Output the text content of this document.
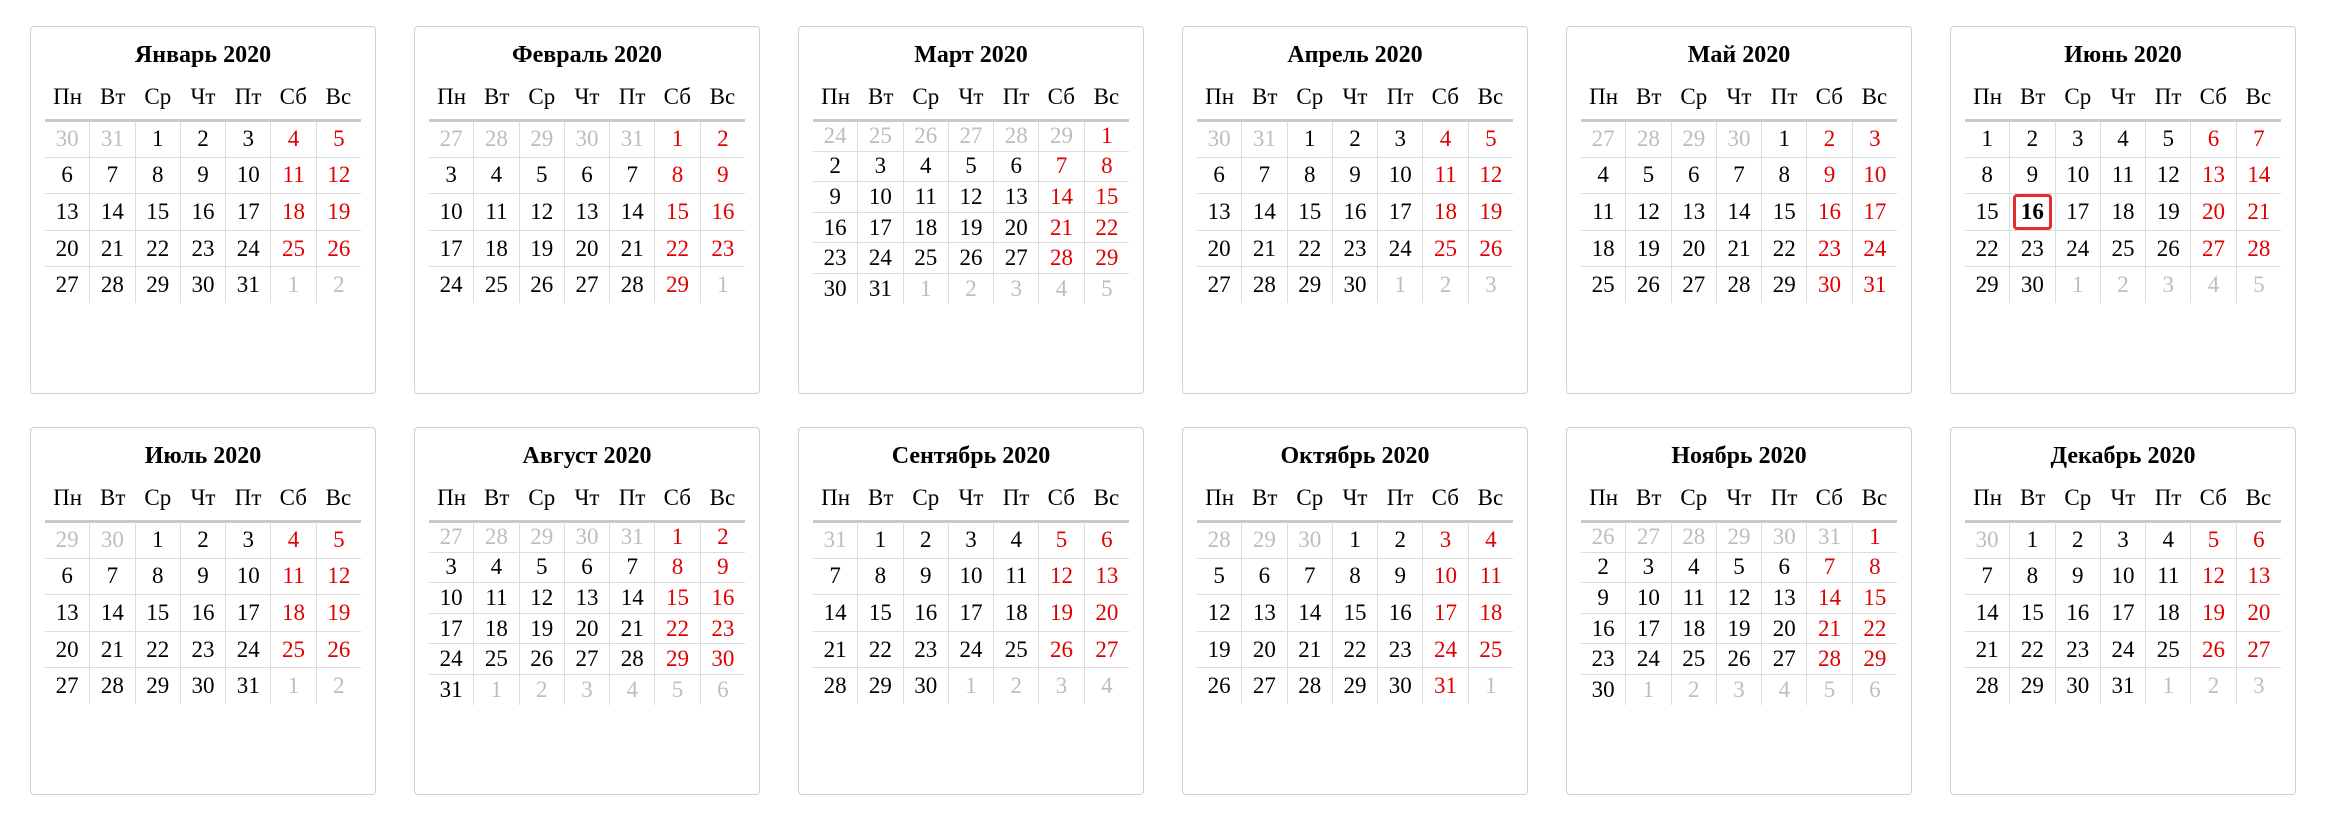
Январь 2020
Пн Вт Ср Чт Пт Сб Вс
30 31 1 2 3 4 5
6 7 8 9 10 11 12
13 14 15 16 17 18 19
20 21 22 23 24 25 26
27 28 29 30 31 1 2
Февраль 2020
Пн Вт Ср Чт Пт Сб Вс
27 28 29 30 31 1 2
3 4 5 6 7 8 9
10 11 12 13 14 15 16
17 18 19 20 21 22 23
24 25 26 27 28 29 1
Март 2020
Пн Вт Ср Чт Пт Сб Вс
24 25 26 27 28 29 1
2 3 4 5 6 7 8
9 10 11 12 13 14 15
16 17 18 19 20 21 22
23 24 25 26 27 28 29
30 31 1 2 3 4 5
Апрель 2020
Пн Вт Ср Чт Пт Сб Вс
30 31 1 2 3 4 5
6 7 8 9 10 11 12
13 14 15 16 17 18 19
20 21 22 23 24 25 26
27 28 29 30 1 2 3
Май 2020
Пн Вт Ср Чт Пт Сб Вс
27 28 29 30 1 2 3
4 5 6 7 8 9 10
11 12 13 14 15 16 17
18 19 20 21 22 23 24
25 26 27 28 29 30 31
Июнь 2020
Пн Вт Ср Чт Пт Сб Вс
1 2 3 4 5 6 7
8 9 10 11 12 13 14
15 16 17 18 19 20 21
22 23 24 25 26 27 28
29 30 1 2 3 4 5
Июль 2020
Пн Вт Ср Чт Пт Сб Вс
29 30 1 2 3 4 5
6 7 8 9 10 11 12
13 14 15 16 17 18 19
20 21 22 23 24 25 26
27 28 29 30 31 1 2
Август 2020
Пн Вт Ср Чт Пт Сб Вс
27 28 29 30 31 1 2
3 4 5 6 7 8 9
10 11 12 13 14 15 16
17 18 19 20 21 22 23
24 25 26 27 28 29 30
31 1 2 3 4 5 6
Сентябрь 2020
Пн Вт Ср Чт Пт Сб Вс
31 1 2 3 4 5 6
7 8 9 10 11 12 13
14 15 16 17 18 19 20
21 22 23 24 25 26 27
28 29 30 1 2 3 4
Октябрь 2020
Пн Вт Ср Чт Пт Сб Вс
28 29 30 1 2 3 4
5 6 7 8 9 10 11
12 13 14 15 16 17 18
19 20 21 22 23 24 25
26 27 28 29 30 31 1
Ноябрь 2020
Пн Вт Ср Чт Пт Сб Вс
26 27 28 29 30 31 1
2 3 4 5 6 7 8
9 10 11 12 13 14 15
16 17 18 19 20 21 22
23 24 25 26 27 28 29
30 1 2 3 4 5 6
Декабрь 2020
Пн Вт Ср Чт Пт Сб Вс
30 1 2 3 4 5 6
7 8 9 10 11 12 13
14 15 16 17 18 19 20
21 22 23 24 25 26 27
28 29 30 31 1 2 3
